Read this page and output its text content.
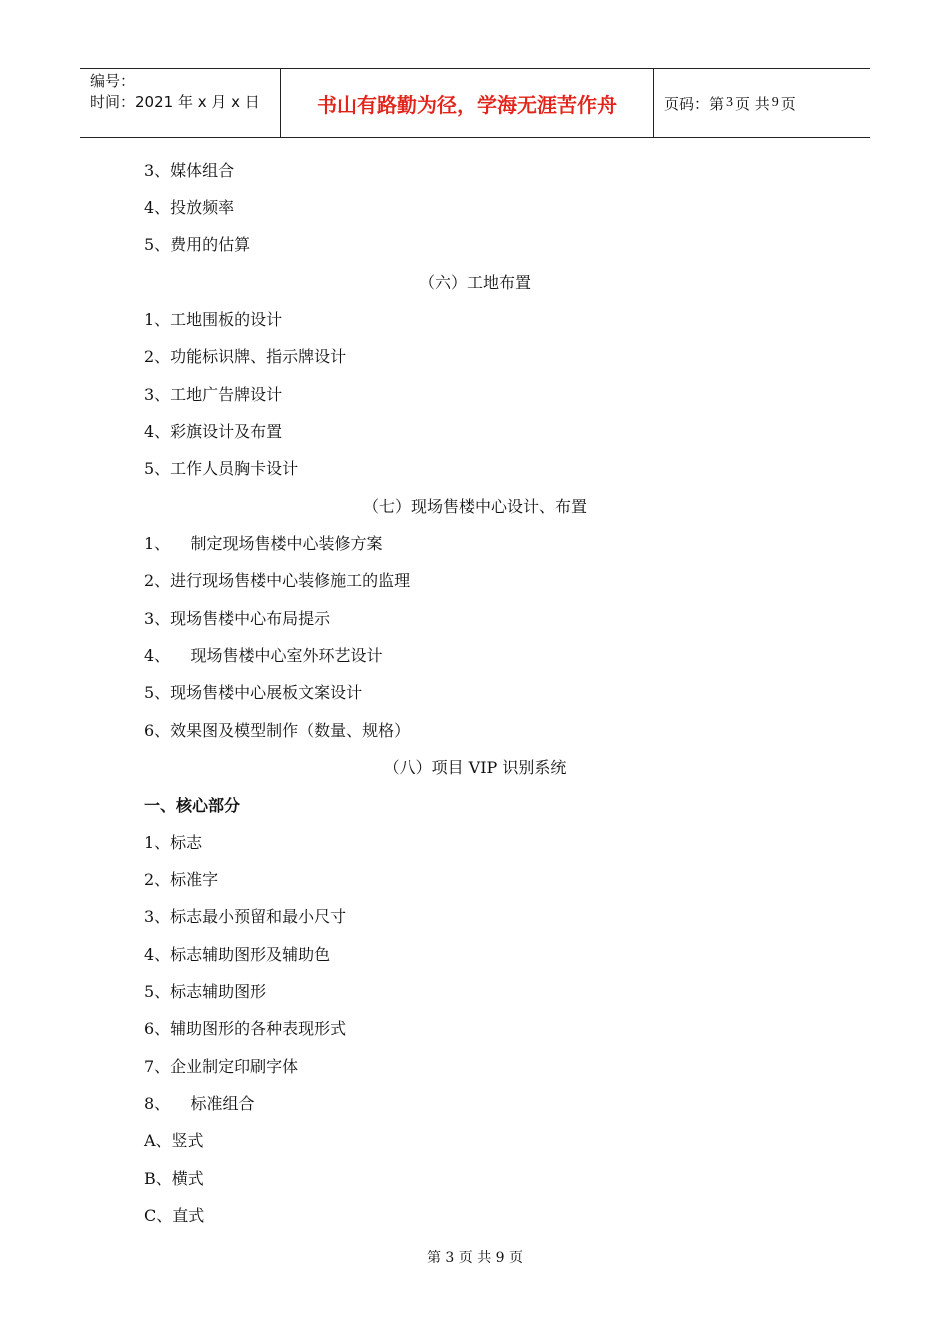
编号：
时间：2021 年 x 月 x 日	书山有路勤为径，学海无涯苦作舟	页码：第 3 页 共 9 页
3、媒体组合
4、投放频率
5、费用的估算
（六）工地布置
1、工地围板的设计
2、功能标识牌、指示牌设计
3、工地广告牌设计
4、彩旗设计及布置
5、工作人员胸卡设计
（七）现场售楼中心设计、布置
1、    制定现场售楼中心装修方案
2、进行现场售楼中心装修施工的监理
3、现场售楼中心布局提示
4、    现场售楼中心室外环艺设计
5、现场售楼中心展板文案设计
6、效果图及模型制作（数量、规格）
（八）项目 VIP 识别系统
一、核心部分
1、标志
2、标准字
3、标志最小预留和最小尺寸
4、标志辅助图形及辅助色
5、标志辅助图形
6、辅助图形的各种表现形式
7、企业制定印刷字体
8、    标准组合
A、竖式
B、横式
C、直式
第 3 页 共 9 页
